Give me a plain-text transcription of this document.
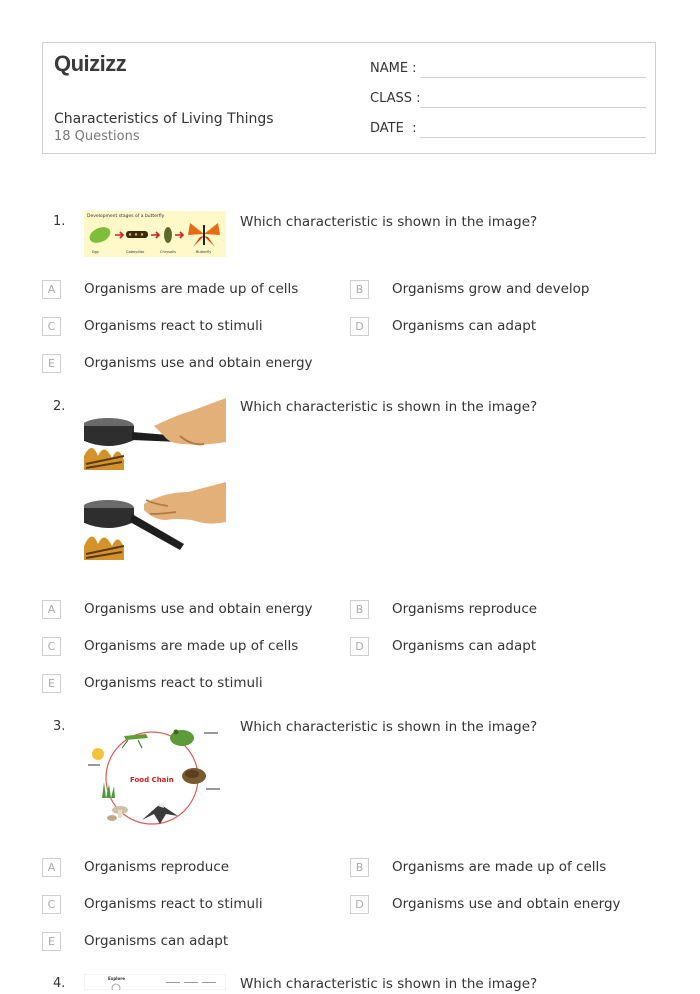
Quizizz
Characteristics of Living Things
18 Questions
NAME :
CLASS :
DATE  :
1.	Development stages of a butterfly
Egg	Caterpillar	Chrysalis	Butterfly
Which characteristic is shown in the image?
A	Organisms are made up of cells	B	Organisms grow and develop
C	Organisms react to stimuli	D	Organisms can adapt
E	Organisms use and obtain energy
2.	Which characteristic is shown in the image?
A	Organisms use and obtain energy	B	Organisms reproduce
C	Organisms are made up of cells	D	Organisms can adapt
E	Organisms react to stimuli
3.
Food Chain
Which characteristic is shown in the image?
A	Organisms reproduce	B	Organisms are made up of cells
C	Organisms react to stimuli	D	Organisms use and obtain energy
E	Organisms can adapt
4.	Explore	Which characteristic is shown in the image?
